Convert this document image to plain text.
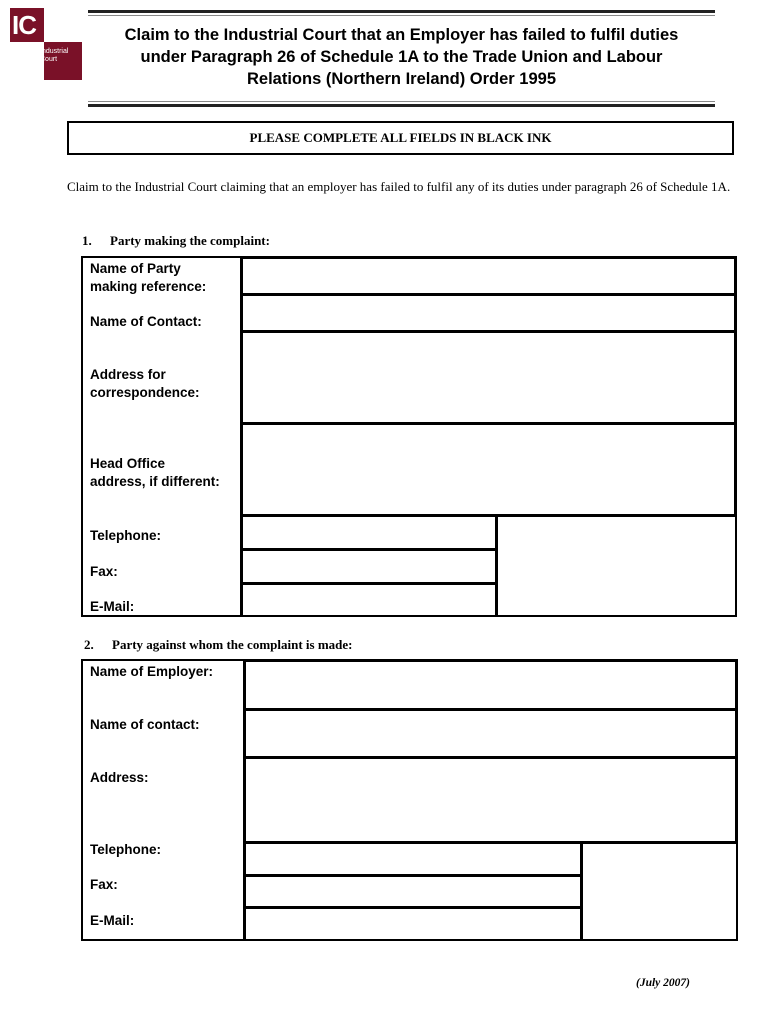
IC
Industrial
Court
Claim to the Industrial Court that an Employer has failed to fulfil duties
under Paragraph 26 of Schedule 1A to the Trade Union and Labour
Relations (Northern Ireland) Order 1995
PLEASE COMPLETE ALL FIELDS IN BLACK INK
Claim to the Industrial Court claiming that an employer has failed to fulfil any of its duties under paragraph 26 of Schedule 1A.
1. Party making the complaint:
Name of Party
making reference:
Name of Contact:
Address for
correspondence:
Head Office
address, if different:
Telephone:
Fax:
E-Mail:
2. Party against whom the complaint is made:
Name of Employer:
Name of contact:
Address:
Telephone:
Fax:
E-Mail:
(July 2007)
